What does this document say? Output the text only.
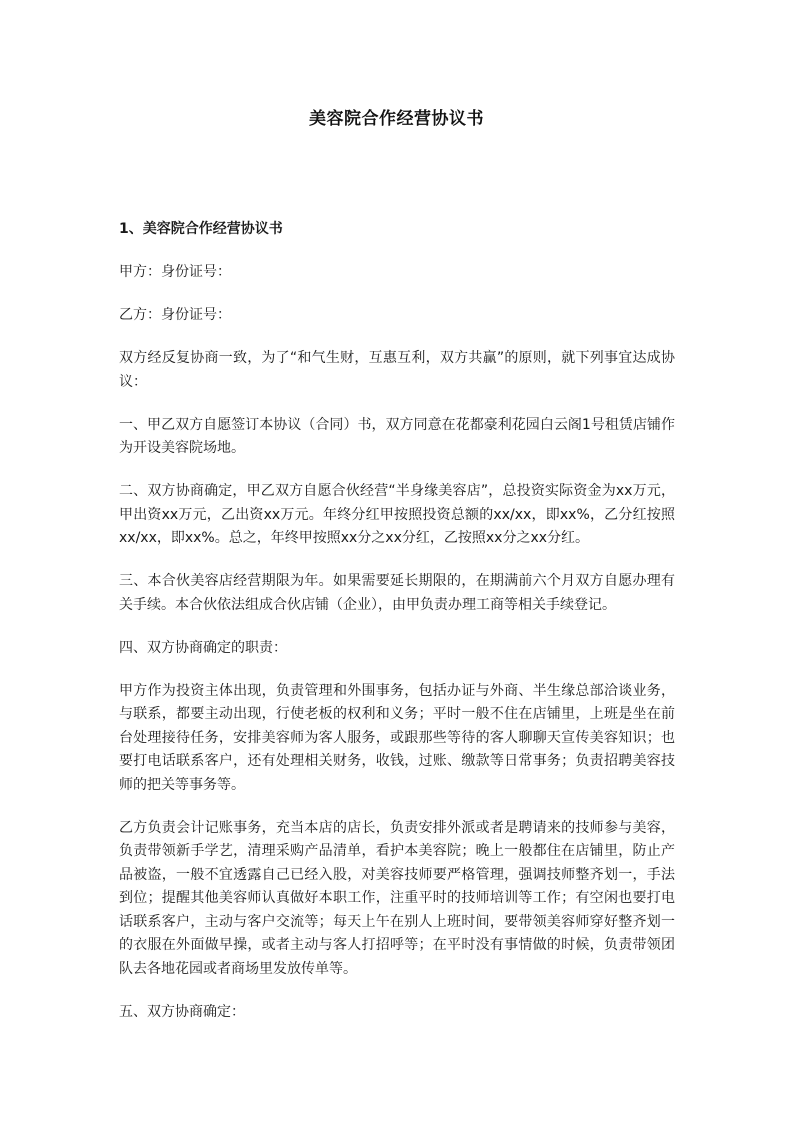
美容院合作经营协议书

1、美容院合作经营协议书

甲方：身份证号：

乙方：身份证号：

双方经反复协商一致，为了“和气生财，互惠互利，双方共赢”的原则，就下列事宜达成协议：

一、甲乙双方自愿签订本协议（合同）书，双方同意在花都豪利花园白云阁1号租赁店铺作为开设美容院场地。

二、双方协商确定，甲乙双方自愿合伙经营“半身缘美容店”，总投资实际资金为xx万元，甲出资xx万元，乙出资xx万元。年终分红甲按照投资总额的xx/xx，即xx%，乙分红按照xx/xx，即xx%。总之，年终甲按照xx分之xx分红，乙按照xx分之xx分红。

三、本合伙美容店经营期限为年。如果需要延长期限的，在期满前六个月双方自愿办理有关手续。本合伙依法组成合伙店铺（企业），由甲负责办理工商等相关手续登记。

四、双方协商确定的职责：

甲方作为投资主体出现，负责管理和外围事务，包括办证与外商、半生缘总部洽谈业务，与联系，都要主动出现，行使老板的权利和义务；平时一般不住在店铺里，上班是坐在前台处理接待任务，安排美容师为客人服务，或跟那些等待的客人聊聊天宣传美容知识；也要打电话联系客户，还有处理相关财务，收钱，过账、缴款等日常事务；负责招聘美容技师的把关等事务等。

乙方负责会计记账事务，充当本店的店长，负责安排外派或者是聘请来的技师参与美容，负责带领新手学艺，清理采购产品清单，看护本美容院；晚上一般都住在店铺里，防止产品被盗，一般不宜透露自己已经入股，对美容技师要严格管理，强调技师整齐划一，手法到位；提醒其他美容师认真做好本职工作，注重平时的技师培训等工作；有空闲也要打电话联系客户，主动与客户交流等；每天上午在别人上班时间，要带领美容师穿好整齐划一的衣服在外面做早操，或者主动与客人打招呼等；在平时没有事情做的时候，负责带领团队去各地花园或者商场里发放传单等。

五、双方协商确定：
